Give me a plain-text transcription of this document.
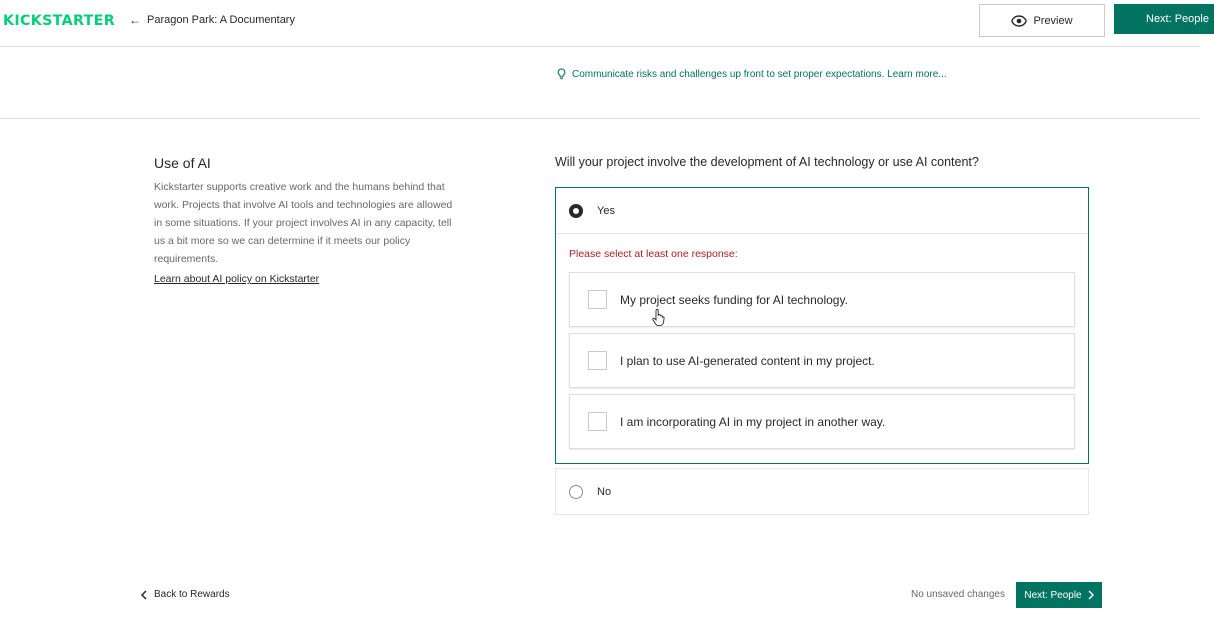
KICKSTARTER ← Paragon Park: A Documentary	Preview	Next: People
Communicate risks and challenges up front to set proper expectations. Learn more...
Use of AI
Kickstarter supports creative work and the humans behind that work. Projects that involve AI tools and technologies are allowed in some situations. If your project involves AI in any capacity, tell us a bit more so we can determine if it meets our policy requirements.
Learn about AI policy on Kickstarter
Will your project involve the development of AI technology or use AI content?
Yes
Please select at least one response:
My project seeks funding for AI technology.
I plan to use AI-generated content in my project.
I am incorporating AI in my project in another way.
No
Back to Rewards	No unsaved changes Next: People
